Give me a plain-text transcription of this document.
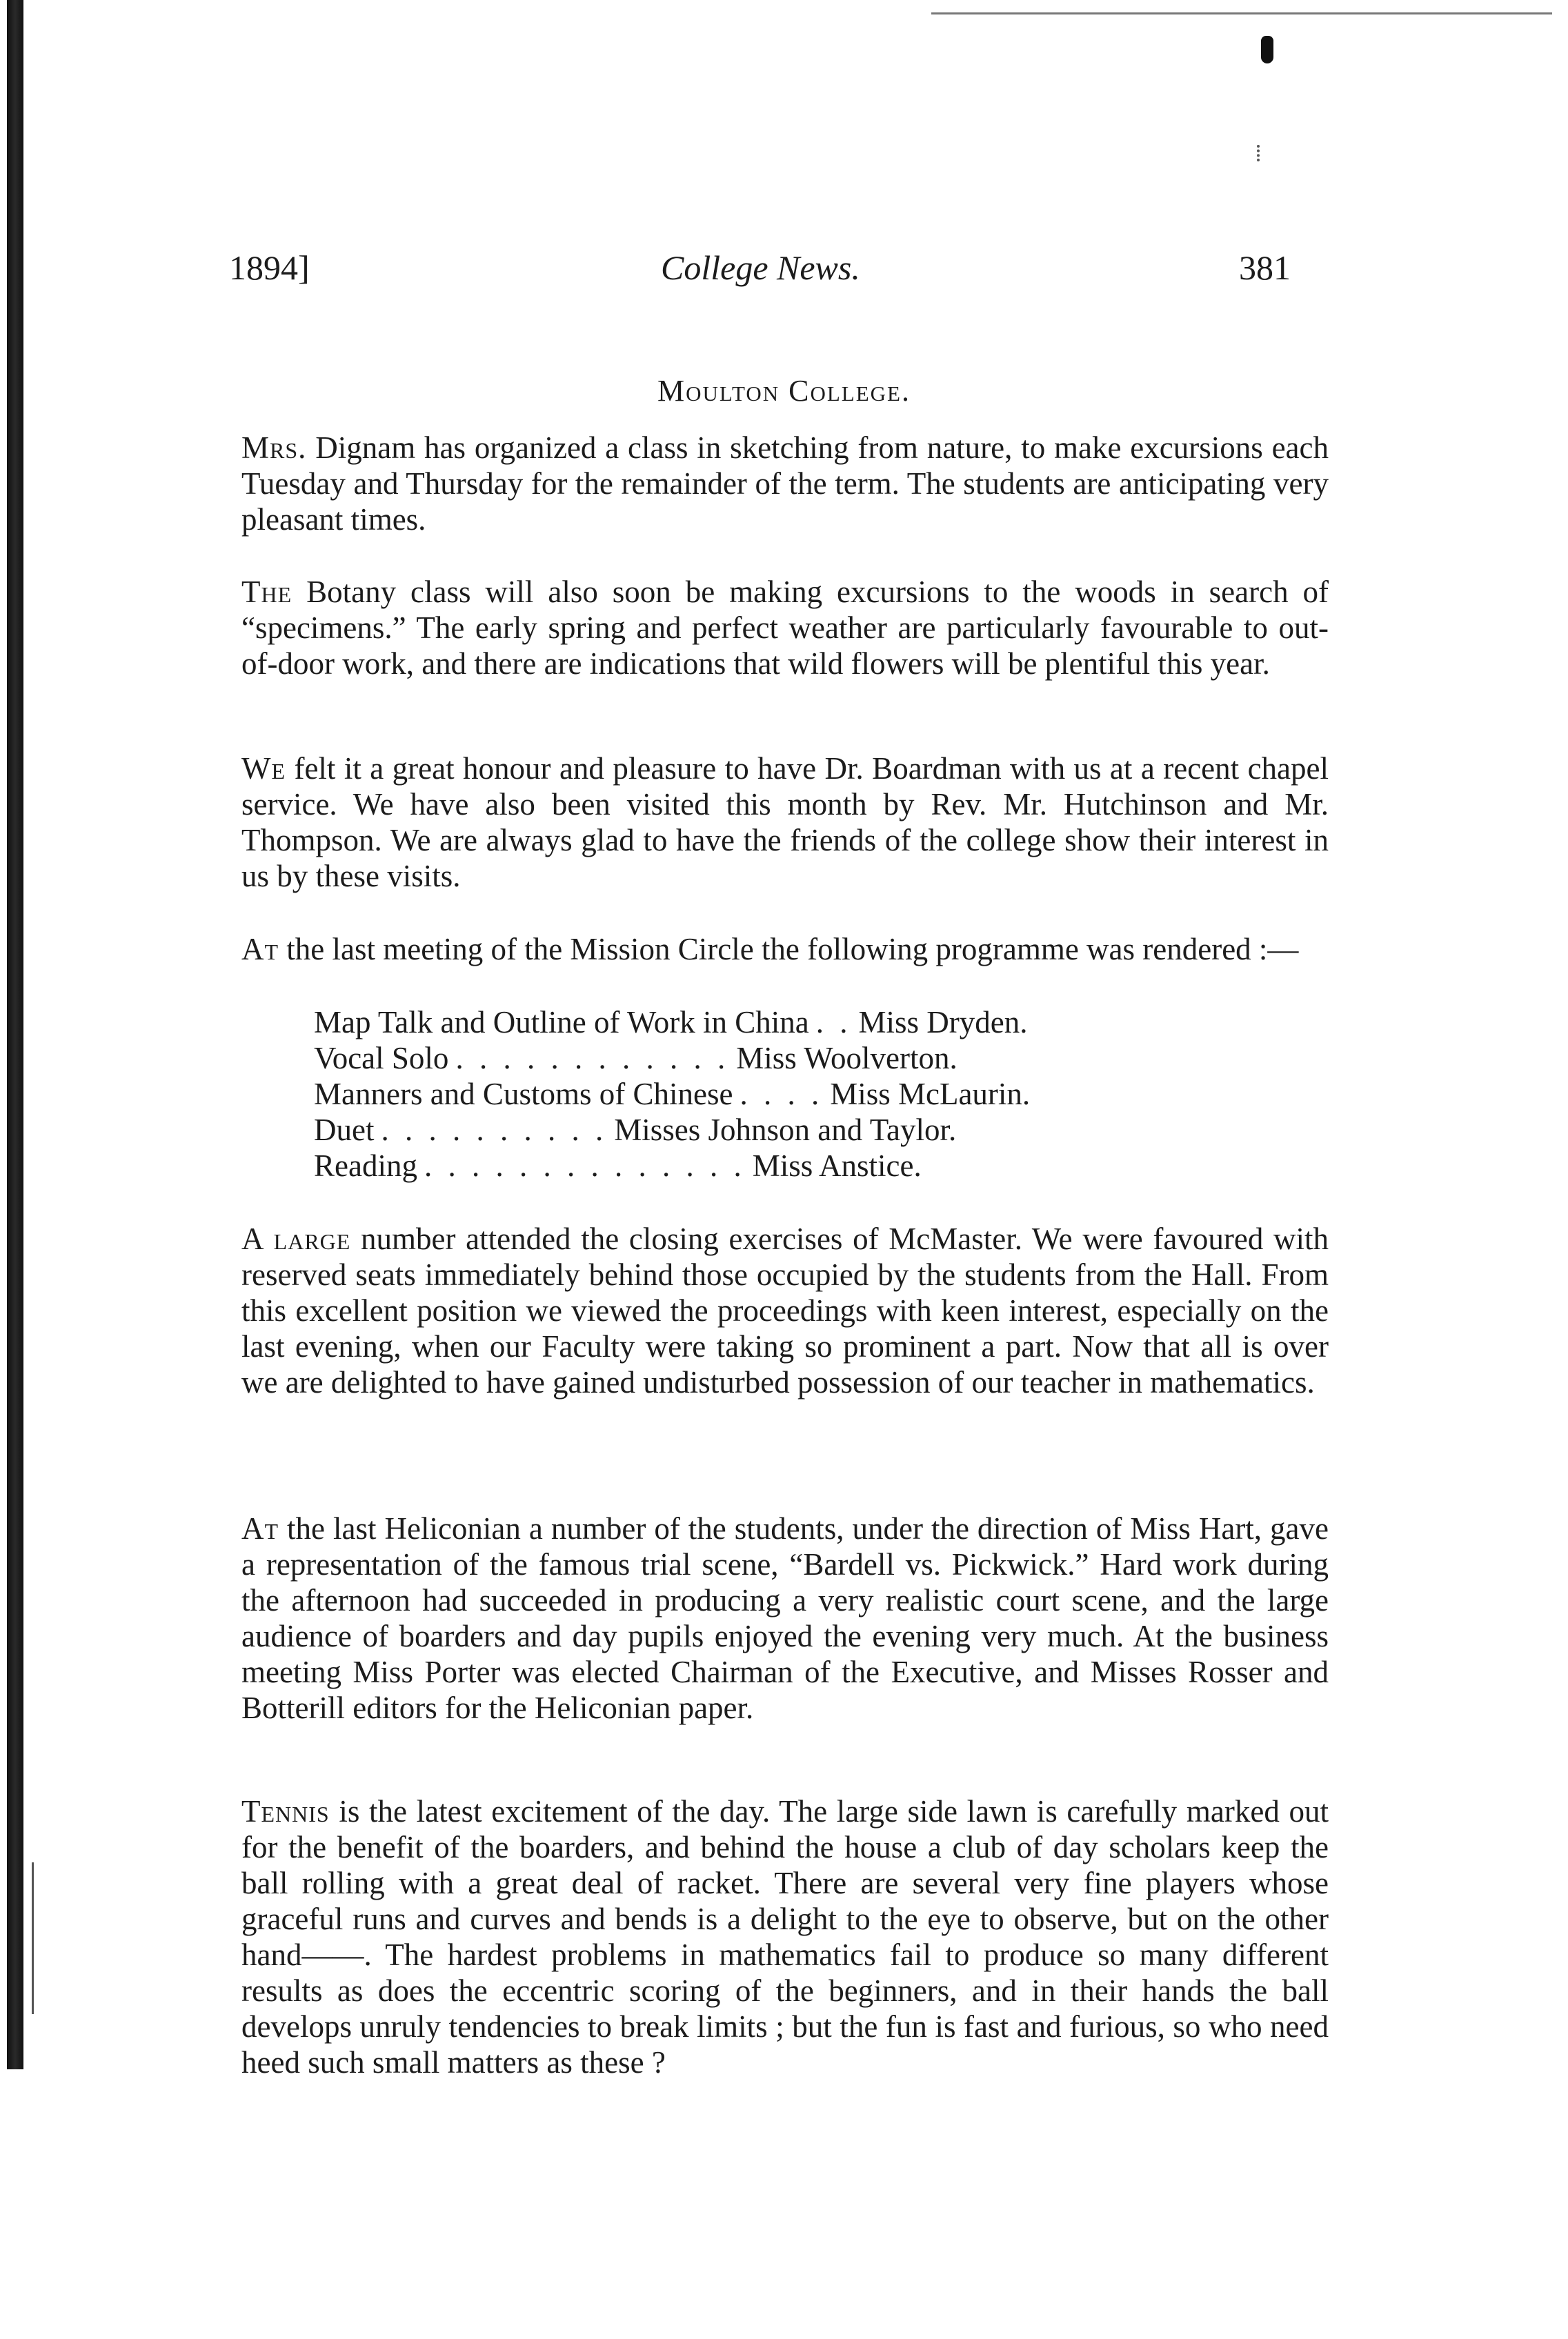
1894]	College News.	381
Moulton College.
Mrs. Dignam has organized a class in sketching from nature, to make excursions each Tuesday and Thursday for the remainder of the term. The students are anticipating very pleasant times.
The Botany class will also soon be making excursions to the woods in search of “specimens.” The early spring and perfect weather are particularly favourable to out-of-door work, and there are indications that wild flowers will be plentiful this year.
We felt it a great honour and pleasure to have Dr. Boardman with us at a recent chapel service. We have also been visited this month by Rev. Mr. Hutchinson and Mr. Thompson. We are always glad to have the friends of the college show their interest in us by these visits.
At the last meeting of the Mission Circle the following programme was rendered :—
Map Talk and Outline of Work in China . . Miss Dryden.
Vocal Solo . . . . . . . . . . . . Miss Woolverton.
Manners and Customs of Chinese . . . . Miss McLaurin.
Duet . . . . . . . . . . Misses Johnson and Taylor.
Reading . . . . . . . . . . . . . . Miss Anstice.
A large number attended the closing exercises of McMaster. We were favoured with reserved seats immediately behind those occupied by the students from the Hall. From this excellent position we viewed the proceedings with keen interest, especially on the last evening, when our Faculty were taking so prominent a part. Now that all is over we are delighted to have gained undisturbed possession of our teacher in mathematics.
At the last Heliconian a number of the students, under the direction of Miss Hart, gave a representation of the famous trial scene, “Bardell vs. Pickwick.” Hard work during the afternoon had succeeded in producing a very realistic court scene, and the large audience of boarders and day pupils enjoyed the evening very much. At the business meeting Miss Porter was elected Chairman of the Executive, and Misses Rosser and Botterill editors for the Heliconian paper.
Tennis is the latest excitement of the day. The large side lawn is carefully marked out for the benefit of the boarders, and behind the house a club of day scholars keep the ball rolling with a great deal of racket. There are several very fine players whose graceful runs and curves and bends is a delight to the eye to observe, but on the other hand——. The hardest problems in mathematics fail to produce so many different results as does the eccentric scoring of the beginners, and in their hands the ball develops unruly tendencies to break limits ; but the fun is fast and furious, so who need heed such small matters as these ?
